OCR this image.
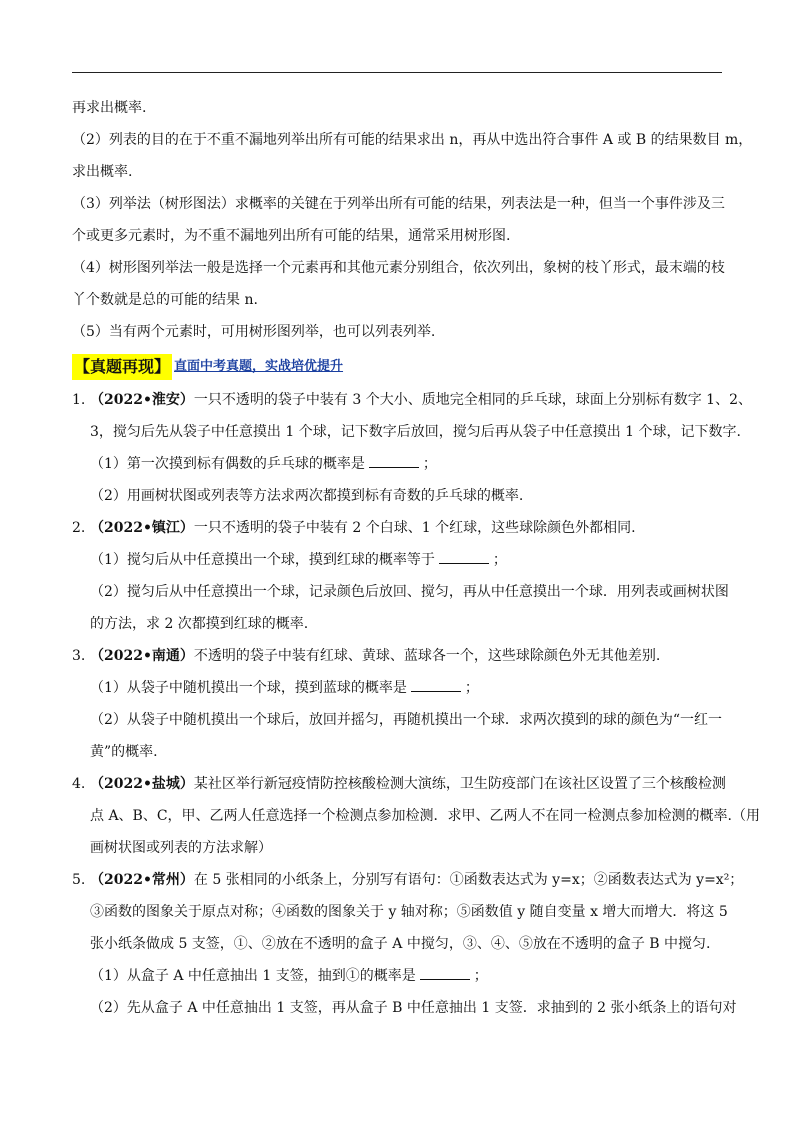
再求出概率.
（2）列表的目的在于不重不漏地列举出所有可能的结果求出 n，再从中选出符合事件 A 或 B 的结果数目 m，
求出概率.
（3）列举法（树形图法）求概率的关键在于列举出所有可能的结果，列表法是一种，但当一个事件涉及三
个或更多元素时，为不重不漏地列出所有可能的结果，通常采用树形图.
（4）树形图列举法一般是选择一个元素再和其他元素分别组合，依次列出，象树的枝丫形式，最末端的枝
丫个数就是总的可能的结果 n.
（5）当有两个元素时，可用树形图列举，也可以列表列举.
【真题再现】 直面中考真题，实战培优提升
1. （2022•淮安）一只不透明的袋子中装有 3 个大小、质地完全相同的乒乓球，球面上分别标有数字 1、2、
3，搅匀后先从袋子中任意摸出 1 个球，记下数字后放回，搅匀后再从袋子中任意摸出 1 个球，记下数字.
（1）第一次摸到标有偶数的乒乓球的概率是	；
（2）用画树状图或列表等方法求两次都摸到标有奇数的乒乓球的概率.
2. （2022•镇江）一只不透明的袋子中装有 2 个白球、1 个红球，这些球除颜色外都相同.
（1）搅匀后从中任意摸出一个球，摸到红球的概率等于	；
（2）搅匀后从中任意摸出一个球，记录颜色后放回、搅匀，再从中任意摸出一个球．用列表或画树状图
的方法，求 2 次都摸到红球的概率.
3. （2022•南通）不透明的袋子中装有红球、黄球、蓝球各一个，这些球除颜色外无其他差别.
（1）从袋子中随机摸出一个球，摸到蓝球的概率是	；
（2）从袋子中随机摸出一个球后，放回并摇匀，再随机摸出一个球．求两次摸到的球的颜色为“一红一
黄”的概率.
4. （2022•盐城）某社区举行新冠疫情防控核酸检测大演练，卫生防疫部门在该社区设置了三个核酸检测
点 A、B、C，甲、乙两人任意选择一个检测点参加检测．求甲、乙两人不在同一检测点参加检测的概率.（用
画树状图或列表的方法求解）
5. （2022•常州）在 5 张相同的小纸条上，分别写有语句：①函数表达式为 y=x；②函数表达式为 y=x²；
③函数的图象关于原点对称；④函数的图象关于 y 轴对称；⑤函数值 y 随自变量 x 增大而增大．将这 5
张小纸条做成 5 支签，①、②放在不透明的盒子 A 中搅匀，③、④、⑤放在不透明的盒子 B 中搅匀.
（1）从盒子 A 中任意抽出 1 支签，抽到①的概率是	；
（2）先从盒子 A 中任意抽出 1 支签，再从盒子 B 中任意抽出 1 支签．求抽到的 2 张小纸条上的语句对
